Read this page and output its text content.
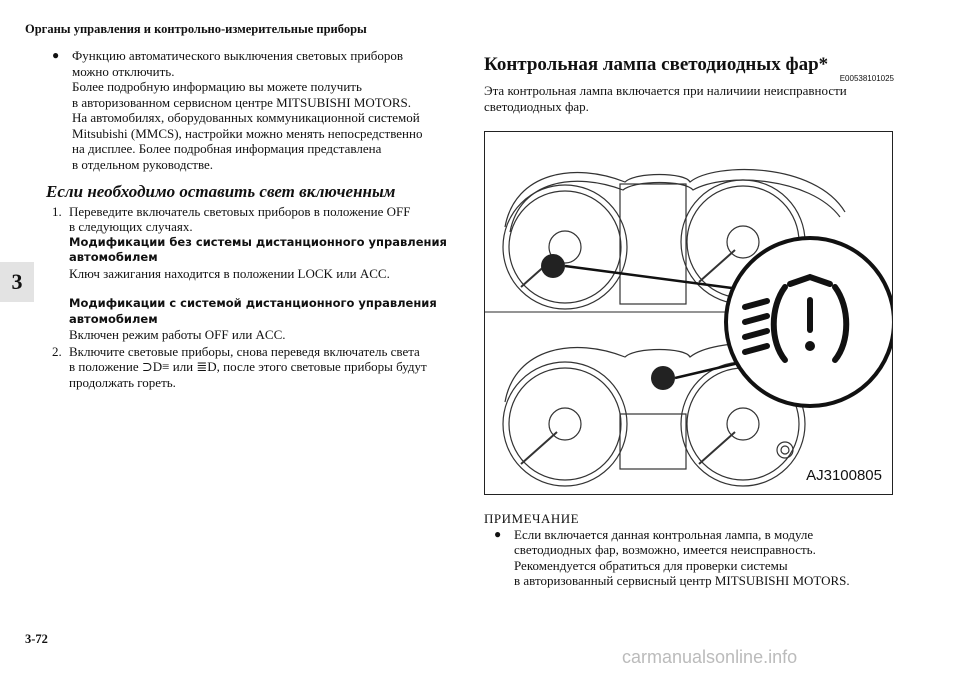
Органы управления и контрольно-измерительные приборы
3
● Функцию автоматического выключения световых приборов

можно отключить.

Более подробную информацию вы можете получить

в авторизованном сервисном центре MITSUBISHI MOTORS.

На автомобилях, оборудованных коммуникационной системой

Mitsubishi (MMCS), настройки можно менять непосредственно

на дисплее. Более подробная информация представлена

в отдельном руководстве.

Если необходимо оставить свет включенным
1. Переведите включатель световых приборов в положение OFF

в следующих случаях.

Модификации без системы дистанционного управления

автомобилем

Ключ зажигания находится в положении LOCK или ACC.

Модификации с системой дистанционного управления

автомобилем

Включен режим работы OFF или ACC.

2. Включите световые приборы, снова переведя включатель света

в положение ⊃D≡ или ≣D, после этого световые приборы будут

продолжать гореть.

Контрольная лампа светодиодных фар*
E00538101025

Эта контрольная лампа включается при наличиии неисправности

светодиодных фар.

AJ3100805
ПРИМЕЧАНИЕ
● Если включается данная контрольная лампа, в модуле

светодиодных фар, возможно, имеется неисправность.

Рекомендуется обратиться для проверки системы

в авторизованный сервисный центр MITSUBISHI MOTORS.

3-72
carmanualsonline.info
